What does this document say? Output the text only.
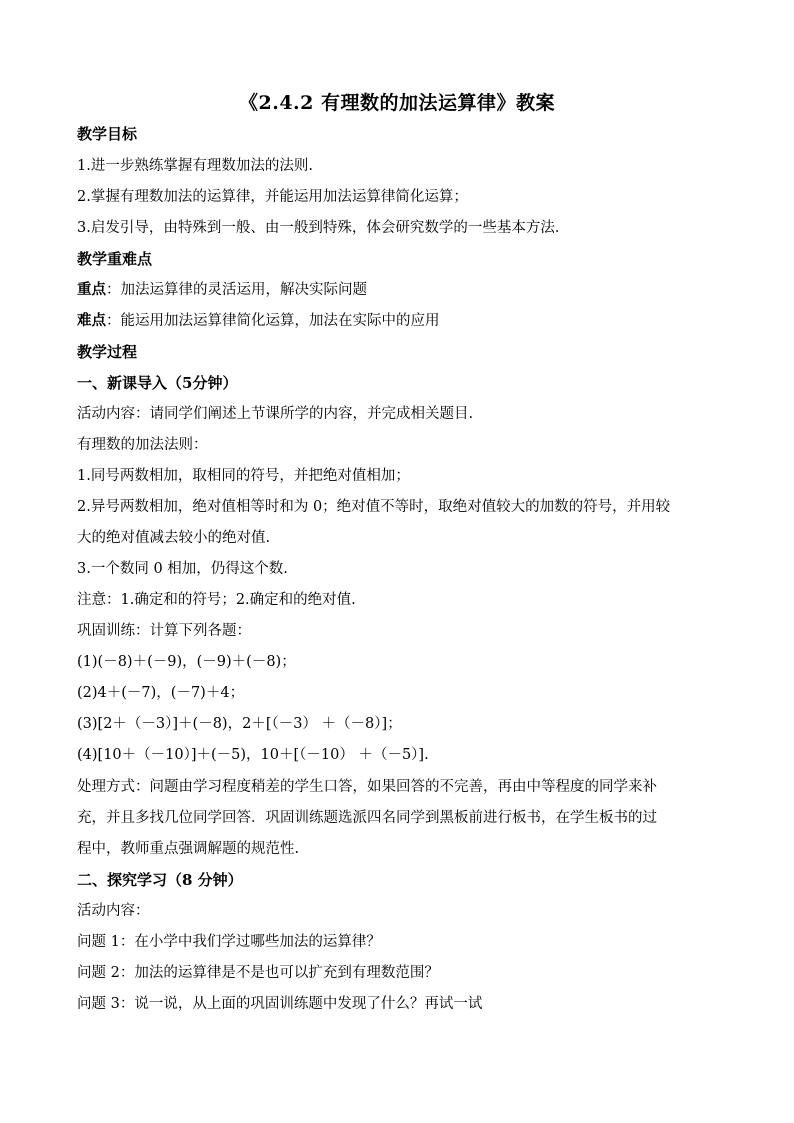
《2.4.2 有理数的加法运算律》教案
教学目标
1.进一步熟练掌握有理数加法的法则.
2.掌握有理数加法的运算律，并能运用加法运算律简化运算；
3.启发引导，由特殊到一般、由一般到特殊，体会研究数学的一些基本方法．
教学重难点
重点：加法运算律的灵活运用，解决实际问题
难点：能运用加法运算律简化运算，加法在实际中的应用
教学过程
一、新课导入（5分钟）
活动内容：请同学们阐述上节课所学的内容，并完成相关题目.
有理数的加法法则：
1.同号两数相加，取相同的符号，并把绝对值相加；
2.异号两数相加，绝对值相等时和为 0；绝对值不等时，取绝对值较大的加数的符号，并用较
大的绝对值减去较小的绝对值.
3.一个数同 0 相加，仍得这个数.
注意：1.确定和的符号；2.确定和的绝对值.
巩固训练：计算下列各题：
(1)(－8)＋(－9)，(－9)＋(－8)；
(2)4＋(－7)，(－7)＋4；
(3)[2＋（－3）]＋(－8)，2＋[（－3） ＋（－8）]；
(4)[10＋（－10）]＋(－5)，10＋[（－10） ＋（－5）].
处理方式：问题由学习程度稍差的学生口答，如果回答的不完善，再由中等程度的同学来补
充，并且多找几位同学回答．巩固训练题选派四名同学到黑板前进行板书，在学生板书的过
程中，教师重点强调解题的规范性.
二、探究学习（8 分钟）
活动内容：
问题 1：在小学中我们学过哪些加法的运算律？
问题 2：加法的运算律是不是也可以扩充到有理数范围？
问题 3：说一说，从上面的巩固训练题中发现了什么？再试一试
